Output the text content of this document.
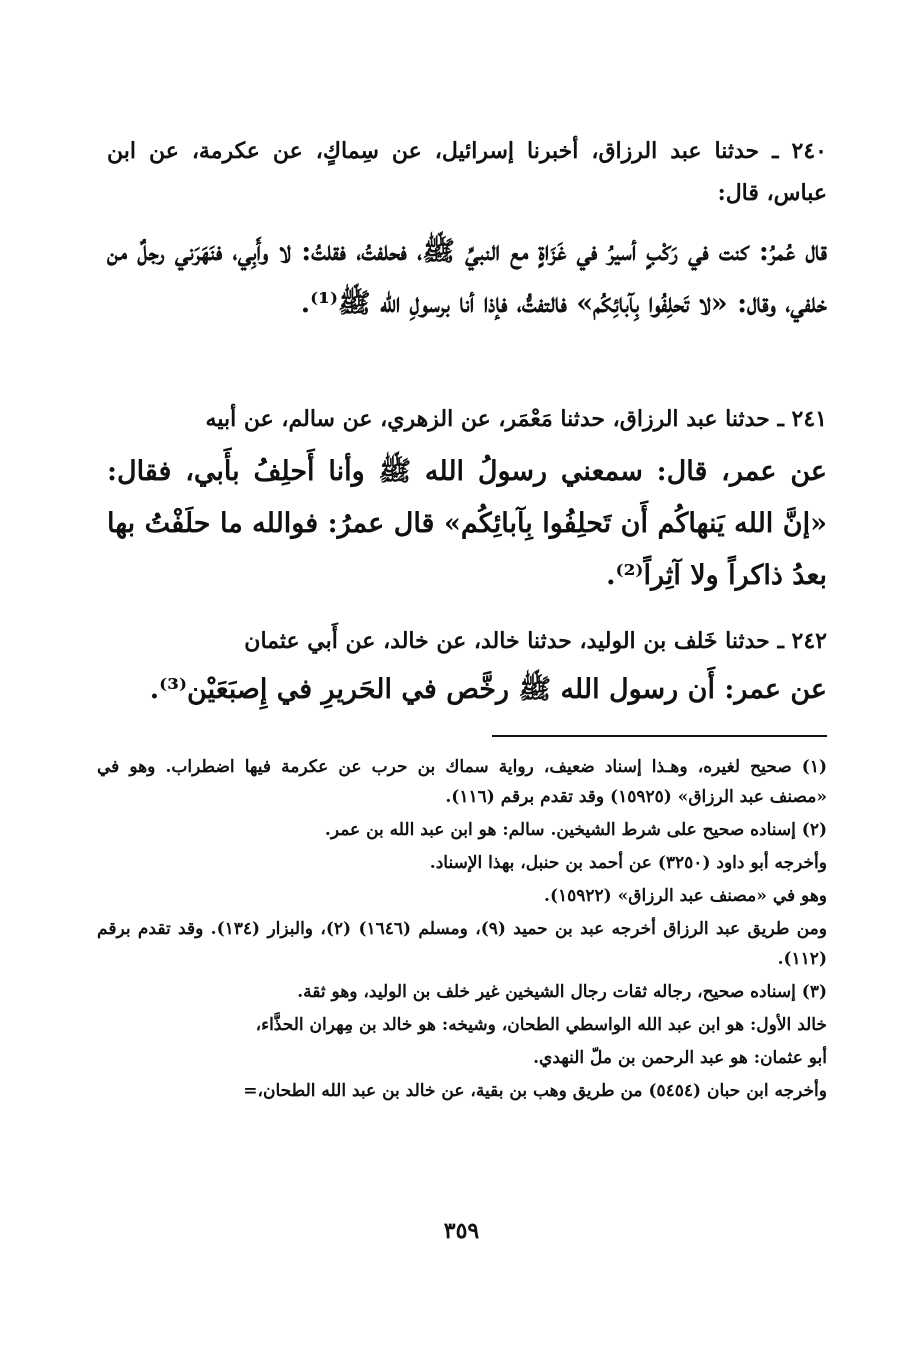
٢٤٠ ـ حدثنا عبد الرزاق، أخبرنا إسرائيل، عن سِماكٍ، عن عكرمة، عن ابن عباس، قال:

قال عُمرُ: كنت في رَكْبٍ أسيرُ في غَزَاةٍ مع النبيِّ ﷺ، فحلفتُ، فقلتُ: لا وأَبِي، فنَهَرَني رجلٌ من خلفي، وقال: «لا تَحلِفُوا بِآبائِكُم» فالتفتُّ، فإذا أنا برسولِ الله ﷺ⁽¹⁾.

٢٤١ ـ حدثنا عبد الرزاق، حدثنا مَعْمَر، عن الزهري، عن سالم، عن أبيه

عن عمر، قال: سمعني رسولُ الله ﷺ وأنا أَحلِفُ بأَبي، فقال: «إنَّ الله يَنهاكُم أَن تَحلِفُوا بِآبائِكُم» قال عمرُ: فوالله ما حلَفْتُ بها بعدُ ذاكراً ولا آثِراً⁽²⁾.

٢٤٢ ـ حدثنا خَلف بن الوليد، حدثنا خالد، عن خالد، عن أَبي عثمان

عن عمر: أَن رسول الله ﷺ رخَّص في الحَريرِ في إِصبَعَيْن⁽³⁾.

(١) صحيح لغيره، وهـذا إسناد ضعيف، رواية سماك بن حرب عن عكرمة فيها اضطراب. وهو في «مصنف عبد الرزاق» (١٥٩٢٥) وقد تقدم برقم (١١٦).

(٢) إسناده صحيح على شرط الشيخين. سالم: هو ابن عبد الله بن عمر.

وأخرجه أبو داود (٣٢٥٠) عن أحمد بن حنبل، بهذا الإسناد.

وهو في «مصنف عبد الرزاق» (١٥٩٢٢).

ومن طريق عبد الرزاق أخرجه عبد بن حميد (٩)، ومسلم (١٦٤٦) (٢)، والبزار (١٣٤). وقد تقدم برقم (١١٢).

(٣) إسناده صحيح، رجاله ثقات رجال الشيخين غير خلف بن الوليد، وهو ثقة.

خالد الأول: هو ابن عبد الله الواسطي الطحان، وشيخه: هو خالد بن مِهران الحذَّاء،

أبو عثمان: هو عبد الرحمن بن ملّ النهدي.

وأخرجه ابن حبان (٥٤٥٤) من طريق وهب بن بقية، عن خالد بن عبد الله الطحان،=

٣٥٩
